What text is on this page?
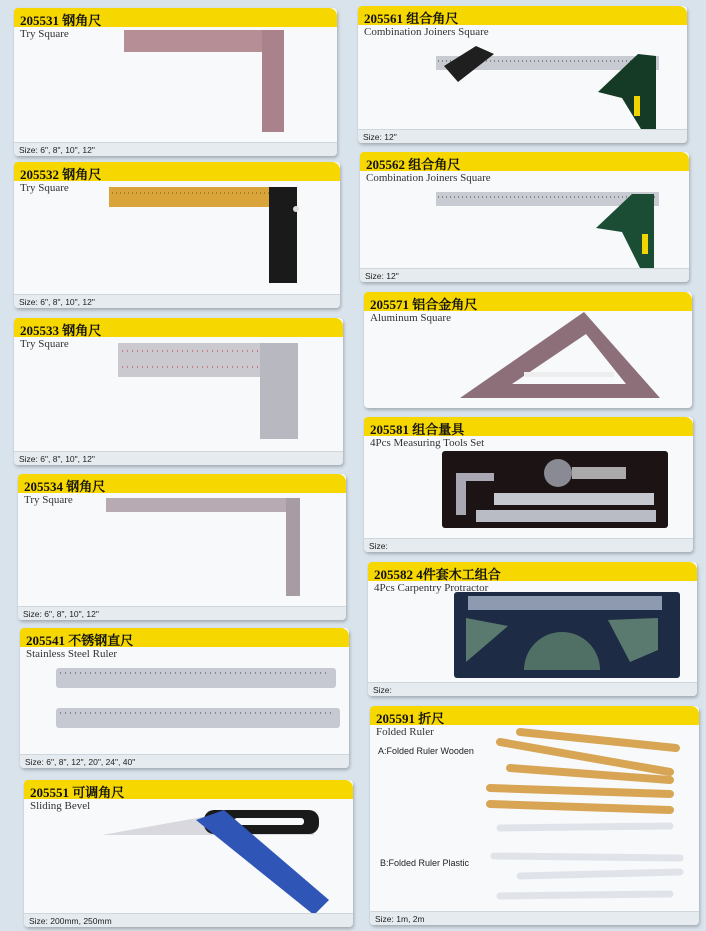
205531 钢角尺
Try Square
Size: 6", 8", 10", 12"
205532 钢角尺
Try Square
Size: 6", 8", 10", 12"
205533 钢角尺
Try Square
Size: 6", 8", 10", 12"
205534 钢角尺
Try Square
Size: 6", 8", 10", 12"
205541 不锈钢直尺
Stainless Steel Ruler
Size: 6", 8", 12", 20", 24", 40"
205551 可调角尺
Sliding Bevel
Size: 200mm, 250mm
205561 组合角尺
Combination Joiners Square
Size: 12"
205562 组合角尺
Combination Joiners Square
Size: 12"
205571 铝合金角尺
Aluminum Square
205581 组合量具
4Pcs Measuring Tools Set
Size:
205582 4件套木工组合
4Pcs Carpentry Protractor
Size:
205591 折尺
Folded Ruler
A:Folded Ruler Wooden
B:Folded Ruler Plastic
Size: 1m, 2m
